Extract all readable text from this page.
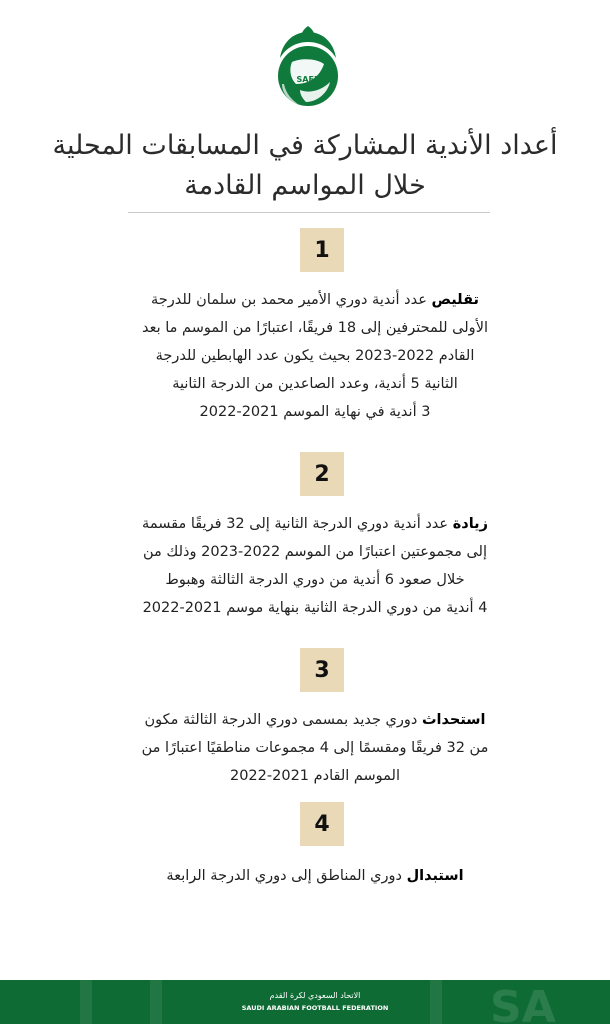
SAFF
أعداد الأندية المشاركة في المسابقات المحلية
خلال المواسم القادمة
1
تقليص عدد أندية دوري الأمير محمد بن سلمان للدرجة
الأولى للمحترفين إلى 18 فريقًا، اعتبارًا من الموسم ما بعد
القادم 2022-2023 بحيث يكون عدد الهابطين للدرجة
الثانية 5 أندية، وعدد الصاعدين من الدرجة الثانية
3 أندية في نهاية الموسم 2021-2022
2
زيادة عدد أندية دوري الدرجة الثانية إلى 32 فريقًا مقسمة
إلى مجموعتين اعتبارًا من الموسم 2022-2023 وذلك من
خلال صعود 6 أندية من دوري الدرجة الثالثة وهبوط
4 أندية من دوري الدرجة الثانية بنهاية موسم 2021-2022
3
استحداث دوري جديد بمسمى دوري الدرجة الثالثة مكون
من 32 فريقًا ومقسمًا إلى 4 مجموعات مناطقيًا اعتبارًا من
الموسم القادم 2021-2022
4
استبدال دوري المناطق إلى دوري الدرجة الرابعة
الاتحاد السعودي لكرة القدم
SAUDI ARABIAN FOOTBALL FEDERATION SA
